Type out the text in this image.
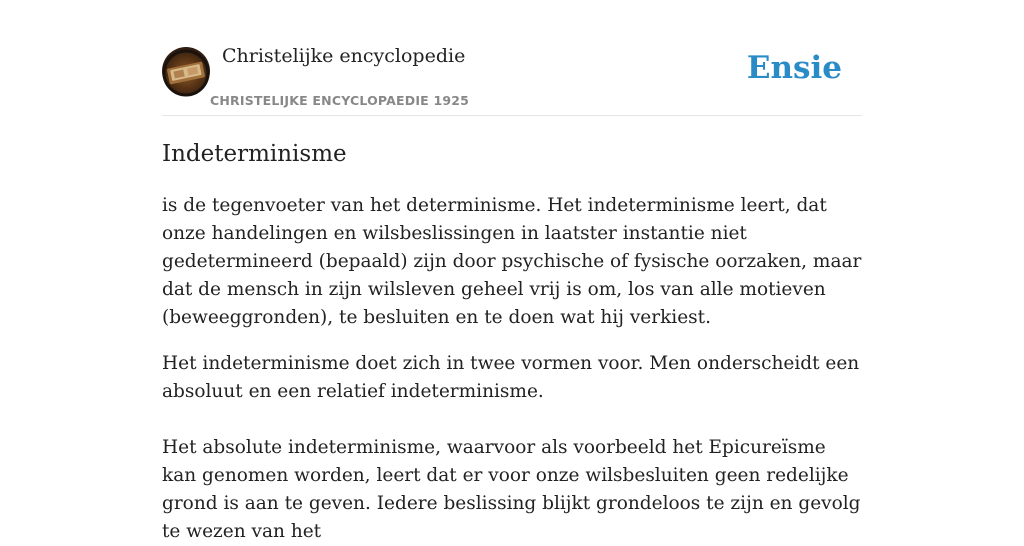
Christelijke encyclopedie
CHRISTELIJKE ENCYCLOPAEDIE 1925
Ensie
Indeterminisme

is de tegenvoeter van het determinisme. Het indeterminisme leert, dat onze handelingen en wilsbeslissingen in laatster instantie niet gedetermineerd (bepaald) zijn door psychische of fysische oorzaken, maar dat de mensch in zijn wilsleven geheel vrij is om, los van alle motieven (beweeggronden), te besluiten en te doen wat hij verkiest.

Het indeterminisme doet zich in twee vormen voor. Men onderscheidt een absoluut en een relatief indeterminisme.

Het absolute indeterminisme, waarvoor als voorbeeld het Epicureïsme kan genomen worden, leert dat er voor onze wilsbesluiten geen redelijke grond is aan te geven. Iedere beslissing blijkt grondeloos te zijn en gevolg te wezen van het
